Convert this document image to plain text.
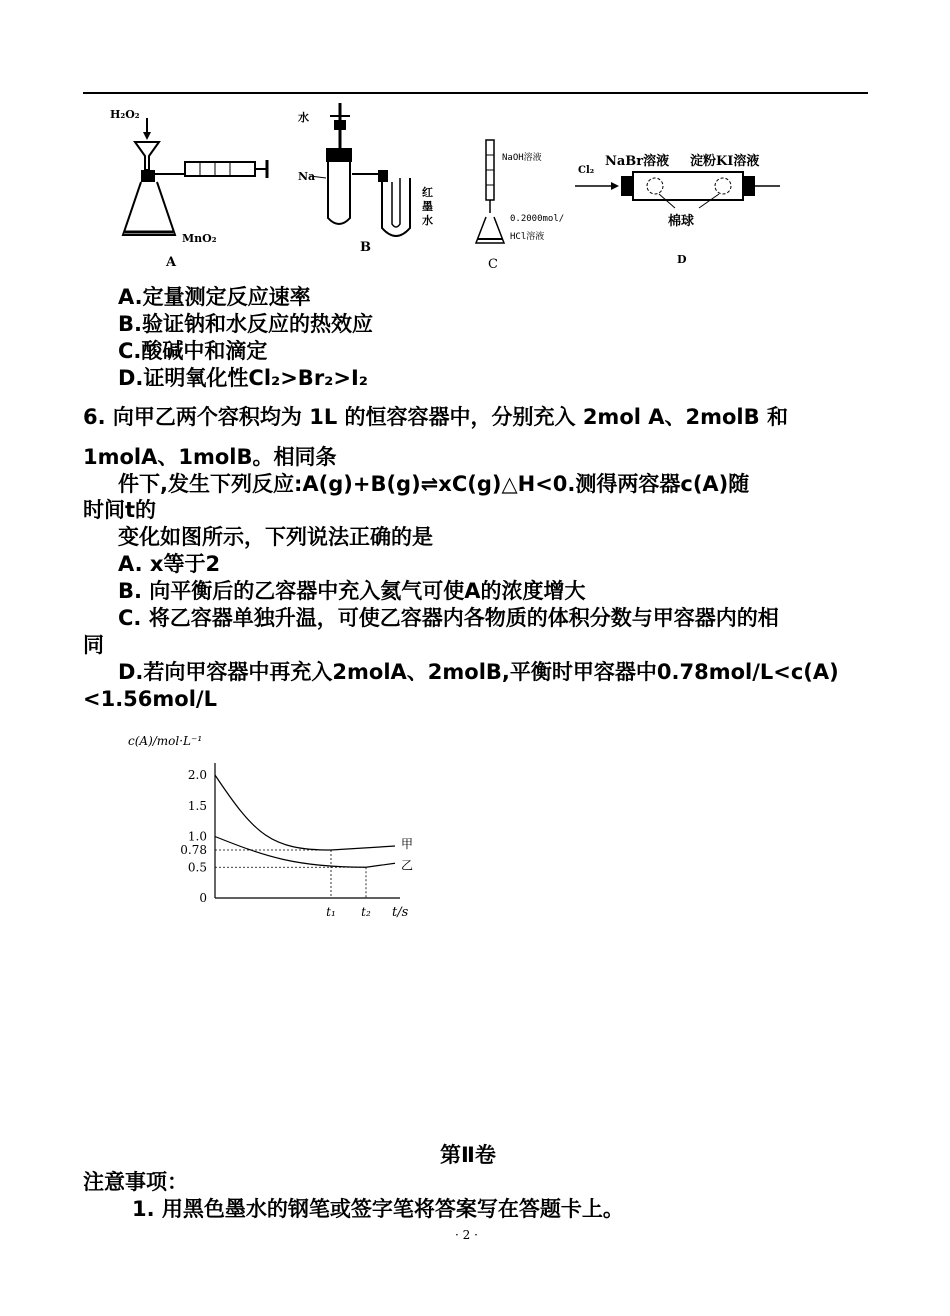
H₂O₂
MnO₂
A
水
Na
红墨水
B
NaOH溶液
0.2000mol/
HCl溶液
C
Cl₂
NaBr溶液 淀粉KI溶液
棉球
D
A.定量测定反应速率
B.验证钠和水反应的热效应
C.酸碱中和滴定
D.证明氧化性Cl₂>Br₂>I₂
6. 向甲乙两个容积均为 1L 的恒容容器中，分别充入 2mol A、2molB 和
1molA、1molB。相同条
件下,发生下列反应:A(g)+B(g)⇌xC(g)△H<0.测得两容器c(A)随
时间t的
变化如图所示，下列说法正确的是
A. x等于2
B. 向平衡后的乙容器中充入氦气可使A的浓度增大
C. 将乙容器单独升温，可使乙容器内各物质的体积分数与甲容器内的相
同
D.若向甲容器中再充入2molA、2molB,平衡时甲容器中0.78mol/L<c(A)
<1.56mol/L
c(A)/mol·L⁻¹
2.0
1.5
1.0
0.78
0.5
0
甲
乙
t₁ t₂ t/s
第Ⅱ卷
注意事项：
1. 用黑色墨水的钢笔或签字笔将答案写在答题卡上。
· 2 ·
